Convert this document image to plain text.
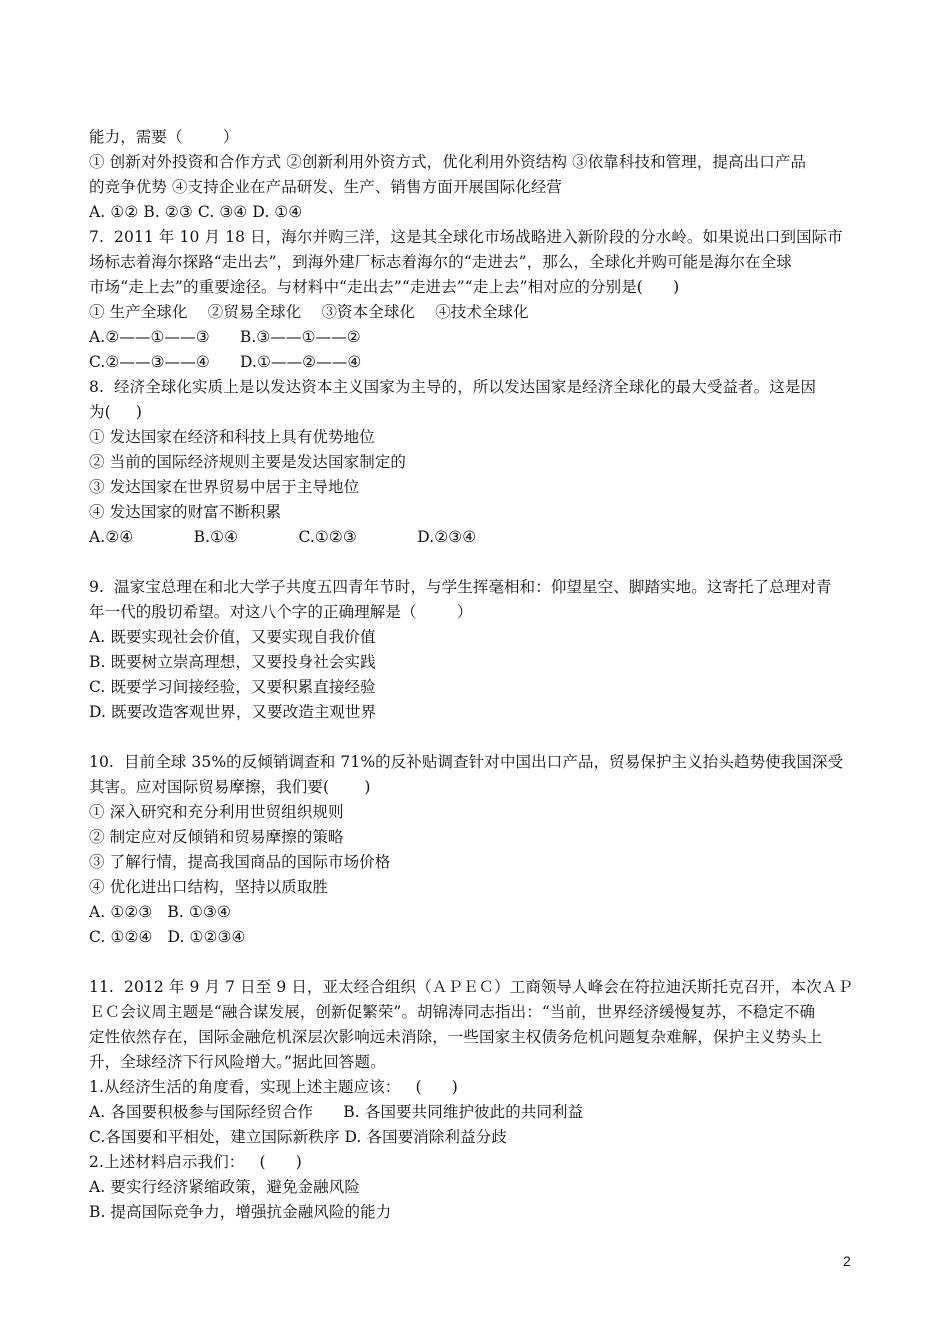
能力，需要（        ）
① 创新对外投资和合作方式 ②创新利用外资方式，优化利用外资结构 ③依靠科技和管理，提高出口产品
的竞争优势 ④支持企业在产品研发、生产、销售方面开展国际化经营
A. ①② B. ②③ C. ③④ D. ①④
7.  2011 年 10 月 18 日，海尔并购三洋，这是其全球化市场战略进入新阶段的分水岭。如果说出口到国际市
场标志着海尔探路“走出去”，到海外建厂标志着海尔的“走进去”，那么，全球化并购可能是海尔在全球
市场“走上去”的重要途径。与材料中“走出去”“走进去”“走上去”相对应的分别是(      )
① 生产全球化    ②贸易全球化    ③资本全球化    ④技术全球化
A.②——①——③      B.③——①——②
C.②——③——④      D.①——②——④
8.  经济全球化实质上是以发达资本主义国家为主导的，所以发达国家是经济全球化的最大受益者。这是因
为(     )
① 发达国家在经济和科技上具有优势地位
② 当前的国际经济规则主要是发达国家制定的
③ 发达国家在世界贸易中居于主导地位
④ 发达国家的财富不断积累
A.②④            B.①④            C.①②③            D.②③④
9.  温家宝总理在和北大学子共度五四青年节时，与学生挥毫相和：仰望星空、脚踏实地。这寄托了总理对青
年一代的殷切希望。对这八个字的正确理解是（        ）
A. 既要实现社会价值，又要实现自我价值
B. 既要树立崇高理想，又要投身社会实践
C. 既要学习间接经验，又要积累直接经验
D. 既要改造客观世界，又要改造主观世界
10.  目前全球 35%的反倾销调查和 71%的反补贴调查针对中国出口产品，贸易保护主义抬头趋势使我国深受
其害。应对国际贸易摩擦，我们要(       )
① 深入研究和充分利用世贸组织规则
② 制定应对反倾销和贸易摩擦的策略
③ 了解行情，提高我国商品的国际市场价格
④ 优化进出口结构，坚持以质取胜
A. ①②③   B. ①③④
C. ①②④   D. ①②③④
11.  2012 年 9 月 7 日至 9 日，亚太经合组织（ＡＰＥＣ）工商领导人峰会在符拉迪沃斯托克召开，本次ＡＰ
ＥＣ会议周主题是“融合谋发展，创新促繁荣”。胡锦涛同志指出：“当前，世界经济缓慢复苏，不稳定不确
定性依然存在，国际金融危机深层次影响远未消除，一些国家主权债务危机问题复杂难解，保护主义势头上
升，全球经济下行风险增大。”据此回答题。
1.从经济生活的角度看，实现上述主题应该：   (      )
A. 各国要积极参与国际经贸合作      B. 各国要共同维护彼此的共同利益
C.各国要和平相处，建立国际新秩序 D. 各国要消除利益分歧
2.上述材料启示我们：   (      )
A. 要实行经济紧缩政策，避免金融风险
B. 提高国际竞争力，增强抗金融风险的能力
2
